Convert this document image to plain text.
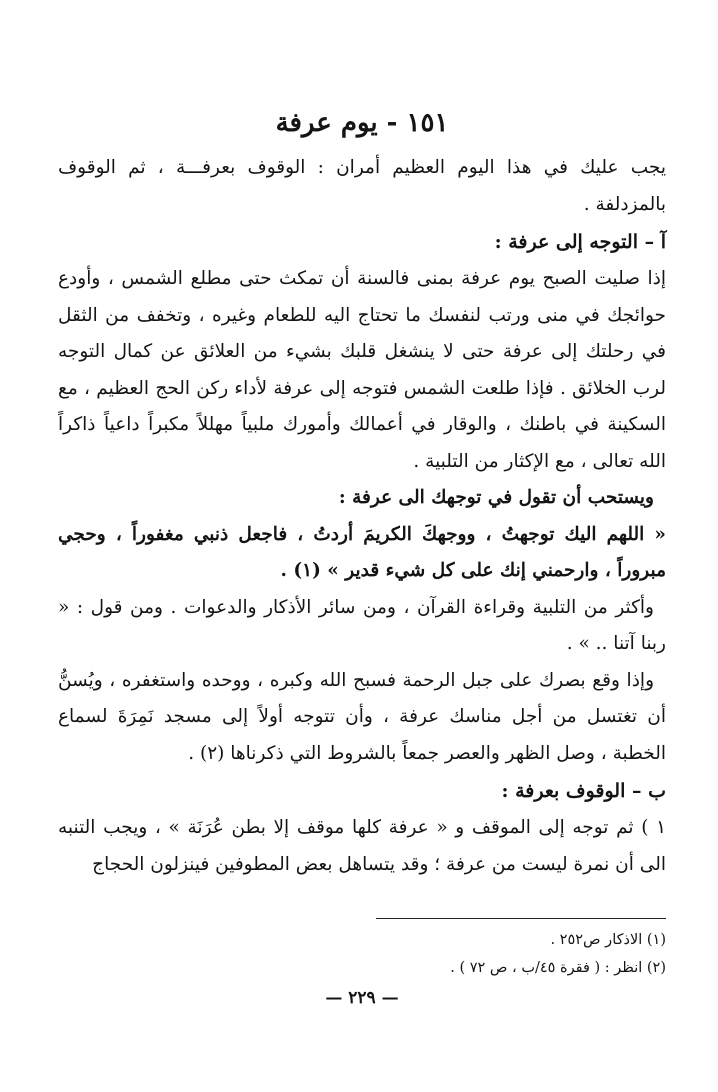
١٥١ - يوم عرفة

يجب عليك في هذا اليوم العظيم أمران : الوقوف بعرفـــة ، ثم الوقوف بالمزدلفة .

آ – التوجه إلى عرفة :

إذا صليت الصبح يوم عرفة بمنى فالسنة أن تمكث حتى مطلع الشمس ، وأودع حوائجك في منى ورتب لنفسك ما تحتاج اليه للطعام وغيره ، وتخفف من الثقل في رحلتك إلى عرفة حتى لا ينشغل قلبك بشيء من العلائق عن كمال التوجه لرب الخلائق . فإذا طلعت الشمس فتوجه إلى عرفة لأداء ركن الحج العظيم ، مع السكينة في باطنك ، والوقار في أعمالك وأمورك ملبياً مهللاً مكبراً داعياً ذاكراً الله تعالى ، مع الإكثار من التلبية .

ويستحب أن تقول في توجهك الى عرفة :

« اللهم اليك توجهتُ ، ووجهكَ الكريمَ أردتُ ، فاجعل ذنبي مغفوراً ، وحجي مبروراً ، وارحمني إنك على كل شيء قدير » (١) .

وأكثر من التلبية وقراءة القرآن ، ومن سائر الأذكار والدعوات . ومن قول : « ربنا آتنا .. » .

وإذا وقع بصرك على جبل الرحمة فسبح الله وكبره ، ووحده واستغفره ، ويُسنُّ أن تغتسل من أجل مناسك عرفة ، وأن تتوجه أولاً إلى مسجد نَمِرَةَ لسماع الخطبة ، وصل الظهر والعصر جمعاً بالشروط التي ذكرناها (٢) .

ب – الوقوف بعرفة :

١ ) ثم توجه إلى الموقف و « عرفة كلها موقف إلا بطن عُرَنَة » ، ويجب التنبه الى أن نمرة ليست من عرفة ؛ وقد يتساهل بعض المطوفين فينزلون الحجاج

(١) الاذكار ص٢٥٢ .

(٢) انظر : ( فقرة ٤٥/ب ، ص ٧٢ ) .

— ٢٢٩ —
